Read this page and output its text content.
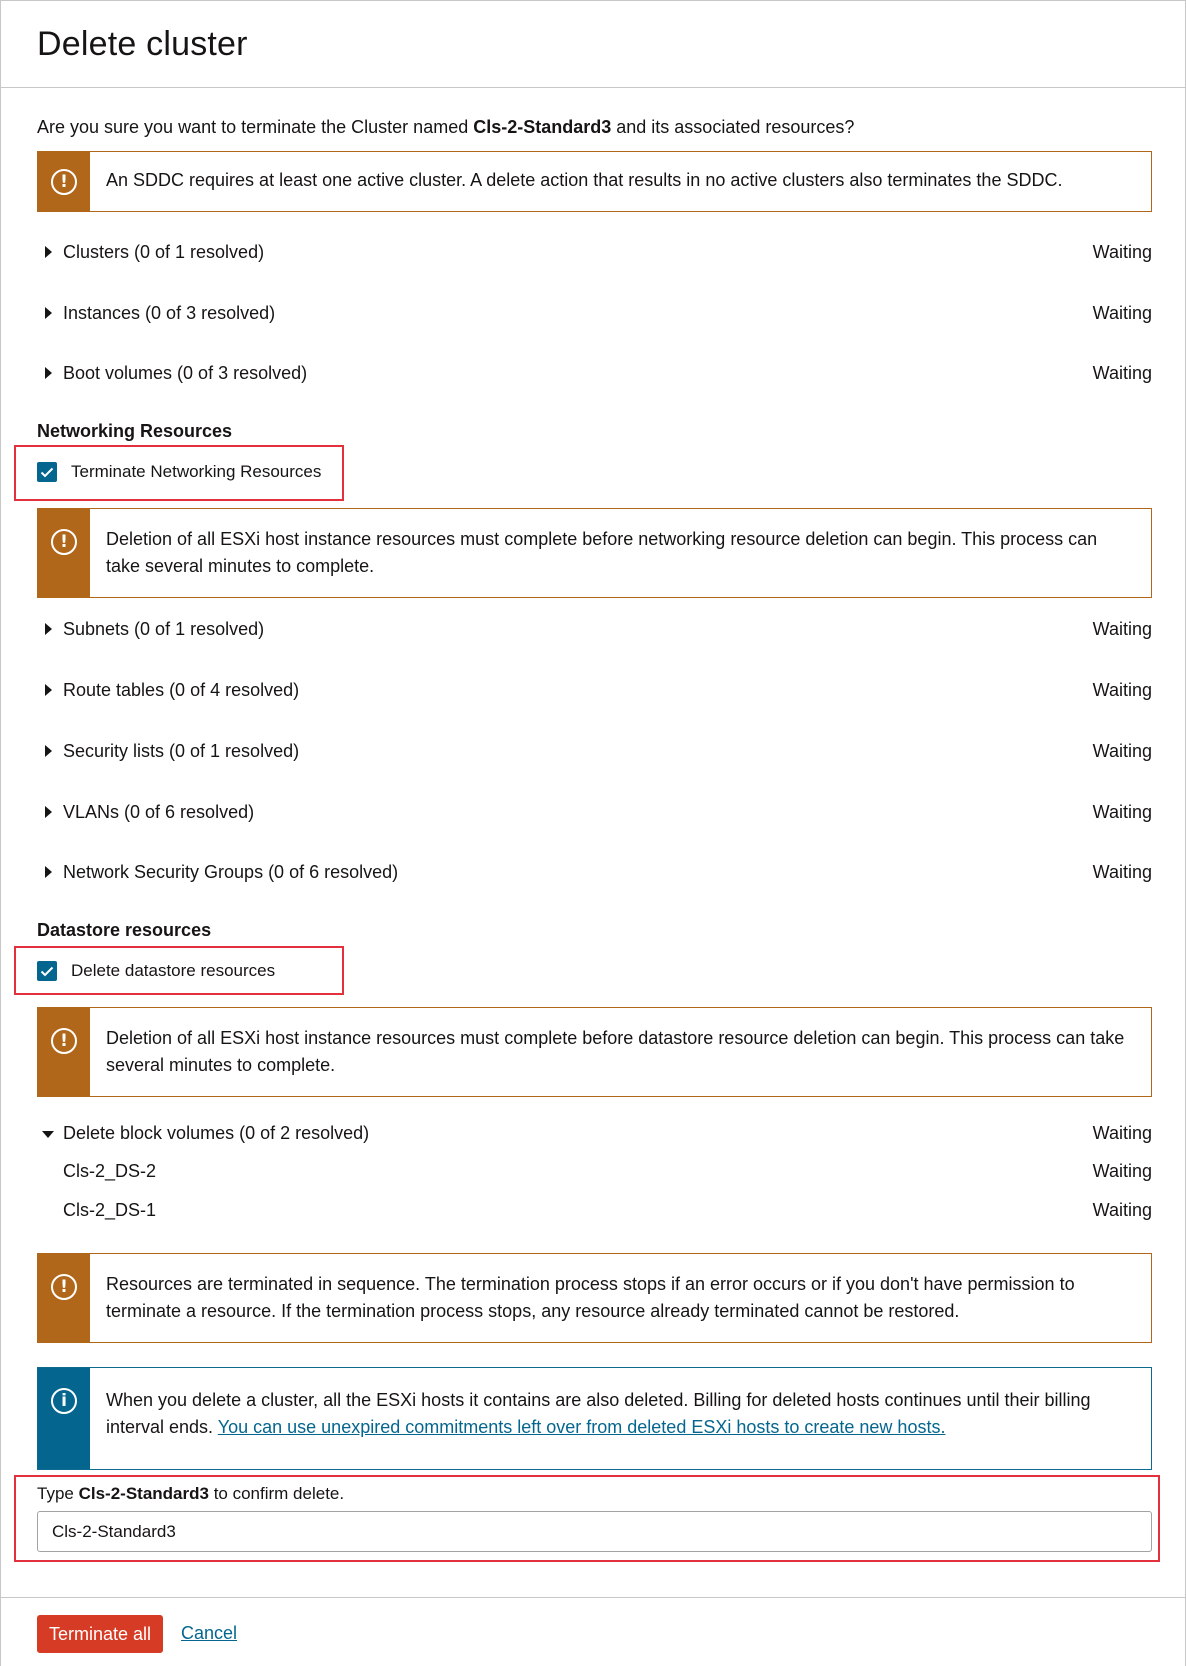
Delete cluster

Are you sure you want to terminate the Cluster named Cls-2-Standard3 and its associated resources?

!	An SDDC requires at least one active cluster. A delete action that results in no active clusters also terminates the SDDC.
Clusters (0 of 1 resolved)	Waiting
Instances (0 of 3 resolved)	Waiting
Boot volumes (0 of 3 resolved)	Waiting
Networking Resources
Terminate Networking Resources
!	Deletion of all ESXi host instance resources must complete before networking resource deletion can begin. This process can take several minutes to complete.
Subnets (0 of 1 resolved)	Waiting
Route tables (0 of 4 resolved)	Waiting
Security lists (0 of 1 resolved)	Waiting
VLANs (0 of 6 resolved)	Waiting
Network Security Groups (0 of 6 resolved)	Waiting
Datastore resources
Delete datastore resources
!	Deletion of all ESXi host instance resources must complete before datastore resource deletion can begin. This process can take several minutes to complete.
Delete block volumes (0 of 2 resolved)	Waiting
Cls-2_DS-2	Waiting
Cls-2_DS-1	Waiting
!	Resources are terminated in sequence. The termination process stops if an error occurs or if you don't have permission to terminate a resource. If the termination process stops, any resource already terminated cannot be restored.
i	When you delete a cluster, all the ESXi hosts it contains are also deleted. Billing for deleted hosts continues until their billing interval ends. You can use unexpired commitments left over from deleted ESXi hosts to create new hosts.

Type Cls-2-Standard3 to confirm delete.

Cls-2-Standard3
Terminate all	Cancel
